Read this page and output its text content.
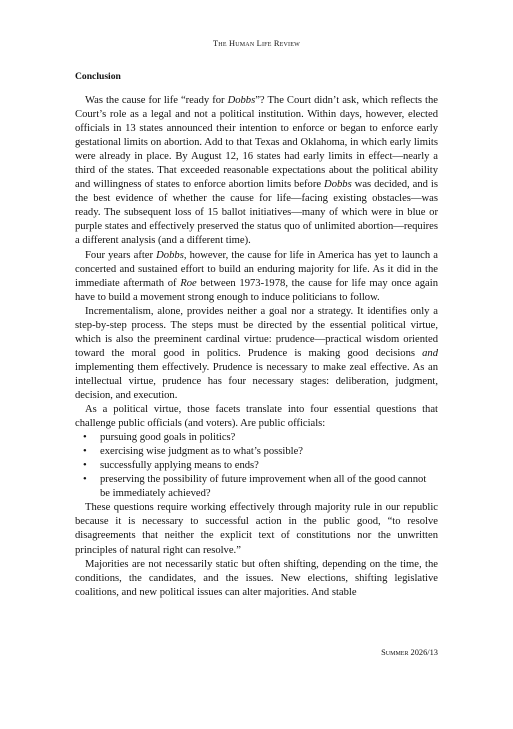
The Human Life Review
Conclusion

Was the cause for life “ready for Dobbs”? The Court didn’t ask, which reflects the Court’s role as a legal and not a political institution. Within days, however, elected officials in 13 states announced their intention to enforce or began to enforce early gestational limits on abortion. Add to that Texas and Oklahoma, in which early limits were already in place. By August 12, 16 states had early limits in effect—nearly a third of the states. That exceeded reasonable expectations about the political ability and willingness of states to enforce abortion limits before Dobbs was decided, and is the best evidence of whether the cause for life—facing existing obstacles—was ready. The subsequent loss of 15 ballot initiatives—many of which were in blue or purple states and effectively preserved the status quo of unlimited abortion—requires a different analysis (and a different time).

Four years after Dobbs, however, the cause for life in America has yet to launch a concerted and sustained effort to build an enduring majority for life. As it did in the immediate aftermath of Roe between 1973-1978, the cause for life may once again have to build a movement strong enough to induce politicians to follow.

Incrementalism, alone, provides neither a goal nor a strategy. It identifies only a step-by-step process. The steps must be directed by the essential political virtue, which is also the preeminent cardinal virtue: prudence—practical wisdom oriented toward the moral good in politics. Prudence is making good decisions and implementing them effectively. Prudence is necessary to make zeal effective. As an intellectual virtue, prudence has four necessary stages: deliberation, judgment, decision, and execution.

As a political virtue, those facets translate into four essential questions that challenge public officials (and voters). Are public officials:

• pursuing good goals in politics?
• exercising wise judgment as to what’s possible?
• successfully applying means to ends?
• preserving the possibility of future improvement when all of the good cannot be immediately achieved?

These questions require working effectively through majority rule in our republic because it is necessary to successful action in the public good, “to resolve disagreements that neither the explicit text of constitutions nor the unwritten principles of natural right can resolve.”

Majorities are not necessarily static but often shifting, depending on the time, the conditions, the candidates, and the issues. New elections, shifting legislative coalitions, and new political issues can alter majorities. And stable

Summer 2026/13
